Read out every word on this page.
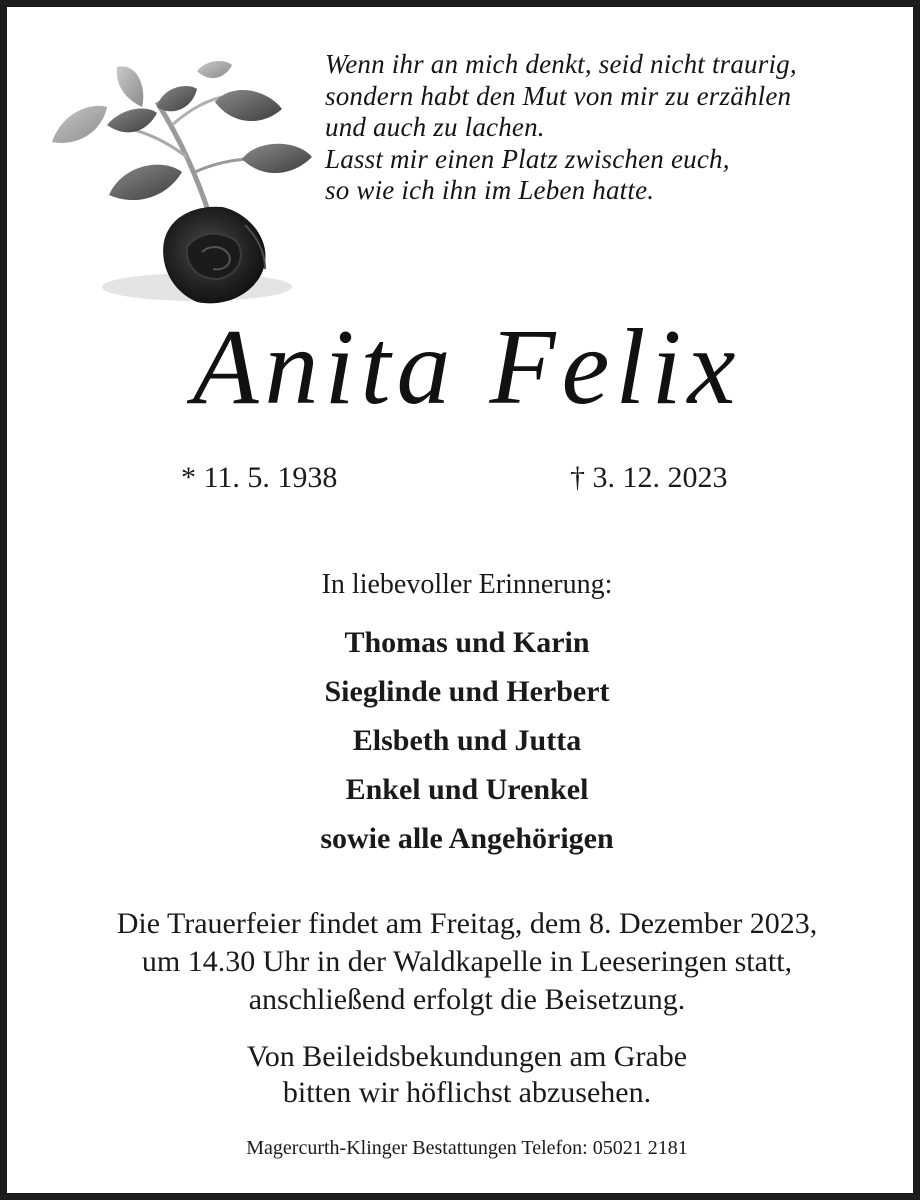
Wenn ihr an mich denkt, seid nicht traurig,
sondern habt den Mut von mir zu erzählen
und auch zu lachen.
Lasst mir einen Platz zwischen euch,
so wie ich ihn im Leben hatte.
Anita Felix
* 11. 5. 1938	† 3. 12. 2023
In liebevoller Erinnerung:
Thomas und Karin
Sieglinde und Herbert
Elsbeth und Jutta
Enkel und Urenkel
sowie alle Angehörigen
Die Trauerfeier findet am Freitag, dem 8. Dezember 2023,
um 14.30 Uhr in der Waldkapelle in Leeseringen statt,
anschließend erfolgt die Beisetzung.
Von Beileidsbekundungen am Grabe
bitten wir höflichst abzusehen.
Magercurth-Klinger Bestattungen Telefon: 05021 2181
